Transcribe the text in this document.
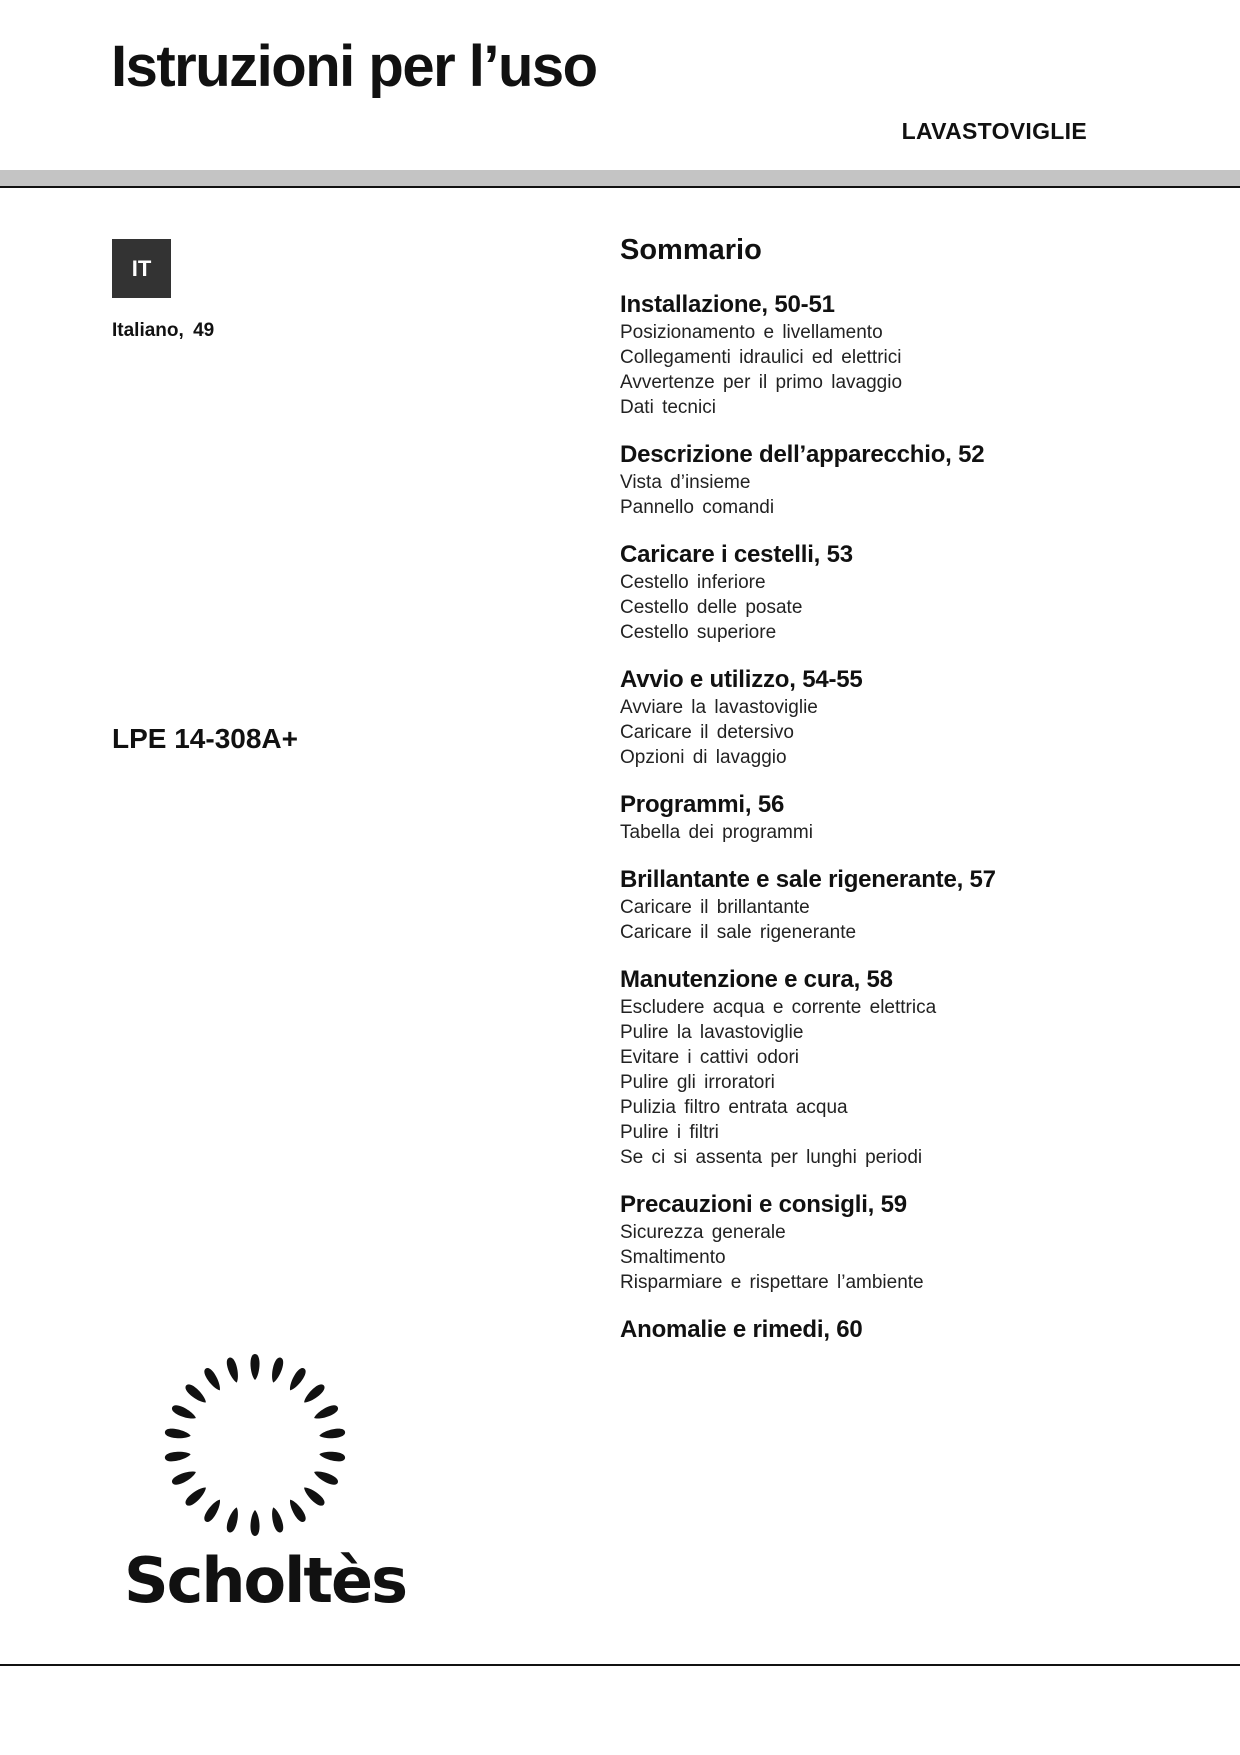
Istruzioni per l’uso
LAVASTOVIGLIE
IT
Italiano, 49
LPE 14-308A+
Sommario
Installazione, 50-51
Posizionamento e livellamento
Collegamenti idraulici ed elettrici
Avvertenze per il primo lavaggio
Dati tecnici
Descrizione dell’apparecchio, 52
Vista d’insieme
Pannello comandi
Caricare i cestelli, 53
Cestello inferiore
Cestello delle posate
Cestello superiore
Avvio e utilizzo, 54-55
Avviare la lavastoviglie
Caricare il detersivo
Opzioni di lavaggio
Programmi, 56
Tabella dei programmi
Brillantante e sale rigenerante, 57
Caricare il brillantante
Caricare il sale rigenerante
Manutenzione e cura, 58
Escludere acqua e corrente elettrica
Pulire la lavastoviglie
Evitare i cattivi odori
Pulire gli irroratori
Pulizia filtro entrata acqua
Pulire i filtri
Se ci si assenta per lunghi periodi
Precauzioni e consigli, 59
Sicurezza generale
Smaltimento
Risparmiare e rispettare l’ambiente
Anomalie e rimedi, 60
Scholtès
